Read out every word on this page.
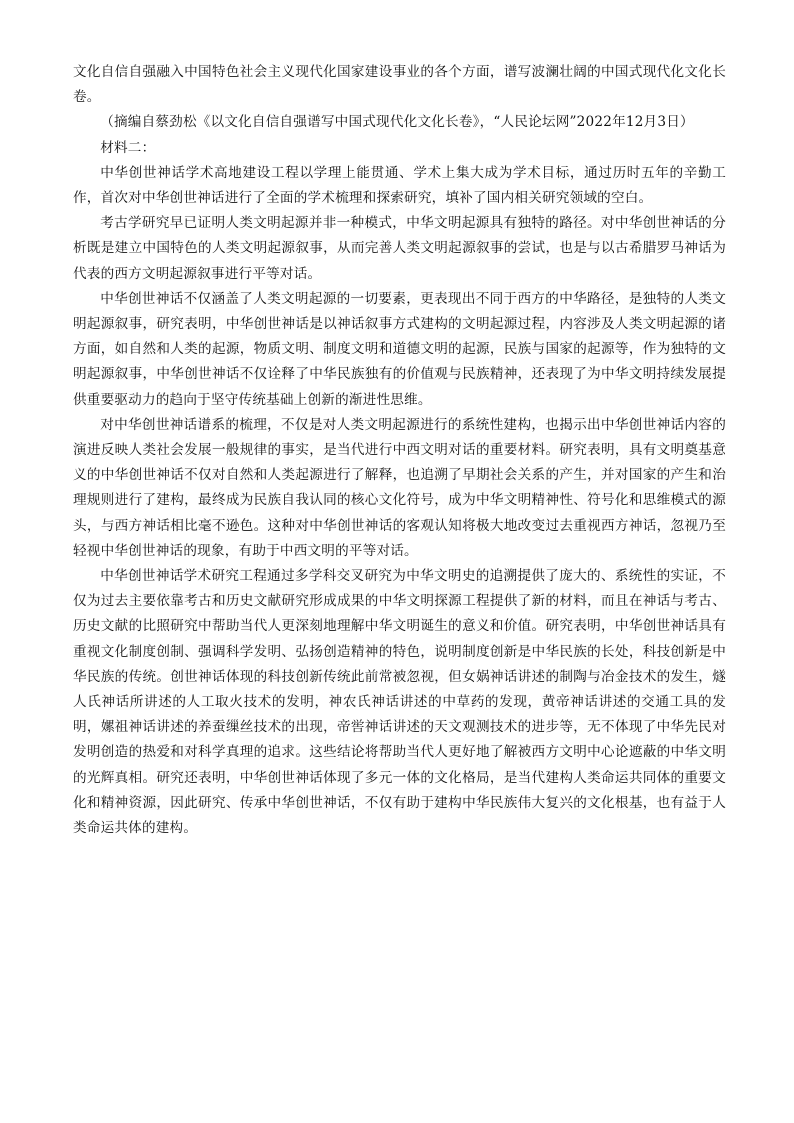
文化自信自强融入中国特色社会主义现代化国家建设事业的各个方面，谱写波澜壮阔的中国式现代化文化长卷。

（摘编自蔡劲松《以文化自信自强谱写中国式现代化文化长卷》，“人民论坛网”2022年12月3日）

材料二：

中华创世神话学术高地建设工程以学理上能贯通、学术上集大成为学术目标，通过历时五年的辛勤工作，首次对中华创世神话进行了全面的学术梳理和探索研究，填补了国内相关研究领域的空白。

考古学研究早已证明人类文明起源并非一种模式，中华文明起源具有独特的路径。对中华创世神话的分析既是建立中国特色的人类文明起源叙事，从而完善人类文明起源叙事的尝试，也是与以古希腊罗马神话为代表的西方文明起源叙事进行平等对话。

中华创世神话不仅涵盖了人类文明起源的一切要素，更表现出不同于西方的中华路径，是独特的人类文明起源叙事，研究表明，中华创世神话是以神话叙事方式建构的文明起源过程，内容涉及人类文明起源的诸方面，如自然和人类的起源，物质文明、制度文明和道德文明的起源，民族与国家的起源等，作为独特的文明起源叙事，中华创世神话不仅诠释了中华民族独有的价值观与民族精神，还表现了为中华文明持续发展提供重要驱动力的趋向于坚守传统基础上创新的渐进性思维。

对中华创世神话谱系的梳理，不仅是对人类文明起源进行的系统性建构，也揭示出中华创世神话内容的演进反映人类社会发展一般规律的事实，是当代进行中西文明对话的重要材料。研究表明，具有文明奠基意义的中华创世神话不仅对自然和人类起源进行了解释，也追溯了早期社会关系的产生，并对国家的产生和治理规则进行了建构，最终成为民族自我认同的核心文化符号，成为中华文明精神性、符号化和思维模式的源头，与西方神话相比毫不逊色。这种对中华创世神话的客观认知将极大地改变过去重视西方神话，忽视乃至轻视中华创世神话的现象，有助于中西文明的平等对话。

中华创世神话学术研究工程通过多学科交叉研究为中华文明史的追溯提供了庞大的、系统性的实证，不仅为过去主要依靠考古和历史文献研究形成成果的中华文明探源工程提供了新的材料，而且在神话与考古、历史文献的比照研究中帮助当代人更深刻地理解中华文明诞生的意义和价值。研究表明，中华创世神话具有重视文化制度创制、强调科学发明、弘扬创造精神的特色，说明制度创新是中华民族的长处，科技创新是中华民族的传统。创世神话体现的科技创新传统此前常被忽视，但女娲神话讲述的制陶与冶金技术的发生，燧人氏神话所讲述的人工取火技术的发明，神农氏神话讲述的中草药的发现，黄帝神话讲述的交通工具的发明，嫘祖神话讲述的养蚕缫丝技术的出现，帝喾神话讲述的天文观测技术的进步等，无不体现了中华先民对发明创造的热爱和对科学真理的追求。这些结论将帮助当代人更好地了解被西方文明中心论遮蔽的中华文明的光辉真相。研究还表明，中华创世神话体现了多元一体的文化格局，是当代建构人类命运共同体的重要文化和精神资源，因此研究、传承中华创世神话，不仅有助于建构中华民族伟大复兴的文化根基，也有益于人类命运共体的建构。
